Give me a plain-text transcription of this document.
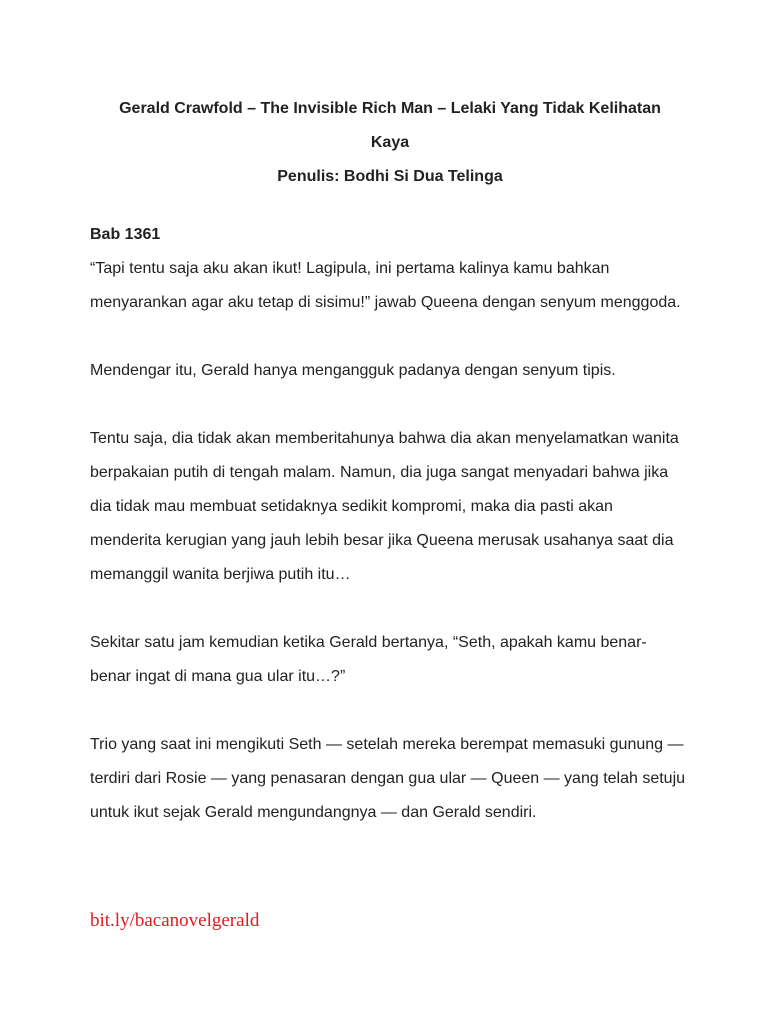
Gerald Crawfold – The Invisible Rich Man – Lelaki Yang Tidak Kelihatan
Kaya
Penulis: Bodhi Si Dua Telinga
Bab 1361

“Tapi tentu saja aku akan ikut! Lagipula, ini pertama kalinya kamu bahkan menyarankan agar aku tetap di sisimu!” jawab Queena dengan senyum menggoda.

Mendengar itu, Gerald hanya mengangguk padanya dengan senyum tipis.

Tentu saja, dia tidak akan memberitahunya bahwa dia akan menyelamatkan wanita berpakaian putih di tengah malam. Namun, dia juga sangat menyadari bahwa jika dia tidak mau membuat setidaknya sedikit kompromi, maka dia pasti akan menderita kerugian yang jauh lebih besar jika Queena merusak usahanya saat dia memanggil wanita berjiwa putih itu…

Sekitar satu jam kemudian ketika Gerald bertanya, “Seth, apakah kamu benar-benar ingat di mana gua ular itu…?”

Trio yang saat ini mengikuti Seth — setelah mereka berempat memasuki gunung — terdiri dari Rosie — yang penasaran dengan gua ular — Queen — yang telah setuju untuk ikut sejak Gerald mengundangnya — dan Gerald sendiri.

bit.ly/bacanovelgerald
